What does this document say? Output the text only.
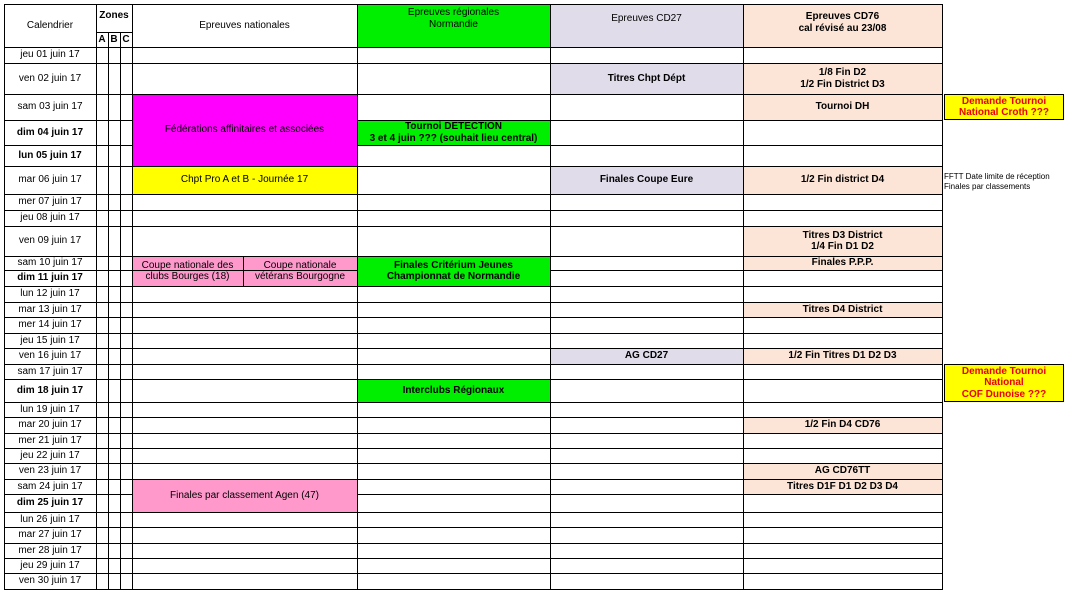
Calendrier
Zones
A B C
Epreuves nationales
Epreuves régionales
Normandie	Epreuves CD27	Epreuves CD76
cal révisé au 23/08
Fédérations affinitaires et associées
Chpt Pro A et B - Journée 17
Coupe nationale des
clubs Bourges (18)
Coupe nationale
vétérans Bourgogne
Finales par classement Agen (47)
Tournoi DETECTION
3 et 4 juin ??? (souhait lieu central)
Finales Critérium Jeunes
Championnat de Normandie
Interclubs Régionaux
Titres Chpt Dépt
Finales Coupe Eure
AG CD27
1/8 Fin D2
1/2 Fin District D3
Tournoi DH
1/2 Fin district D4
Titres D3 District
1/4 Fin D1 D2
Finales P.P.P.
Titres D4 District
1/2 Fin Titres D1 D2 D3
1/2 Fin D4 CD76
AG CD76TT
Titres D1F D1 D2 D3 D4
jeu 01 juin 17
ven 02 juin 17
sam 03 juin 17
dim 04 juin 17
lun 05 juin 17
mar 06 juin 17
mer 07 juin 17
jeu 08 juin 17
ven 09 juin 17
sam 10 juin 17
dim 11 juin 17
lun 12 juin 17
mar 13 juin 17
mer 14 juin 17
jeu 15 juin 17
ven 16 juin 17
sam 17 juin 17
dim 18 juin 17
lun 19 juin 17
mar 20 juin 17
mer 21 juin 17
jeu 22 juin 17
ven 23 juin 17
sam 24 juin 17
dim 25 juin 17
lun 26 juin 17
mar 27 juin 17
mer 28 juin 17
jeu 29 juin 17
ven 30 juin 17
Demande Tournoi
National Croth ???
Demande Tournoi
National
COF Dunoise ???
FFTT Date limite de réception
Finales par classements
